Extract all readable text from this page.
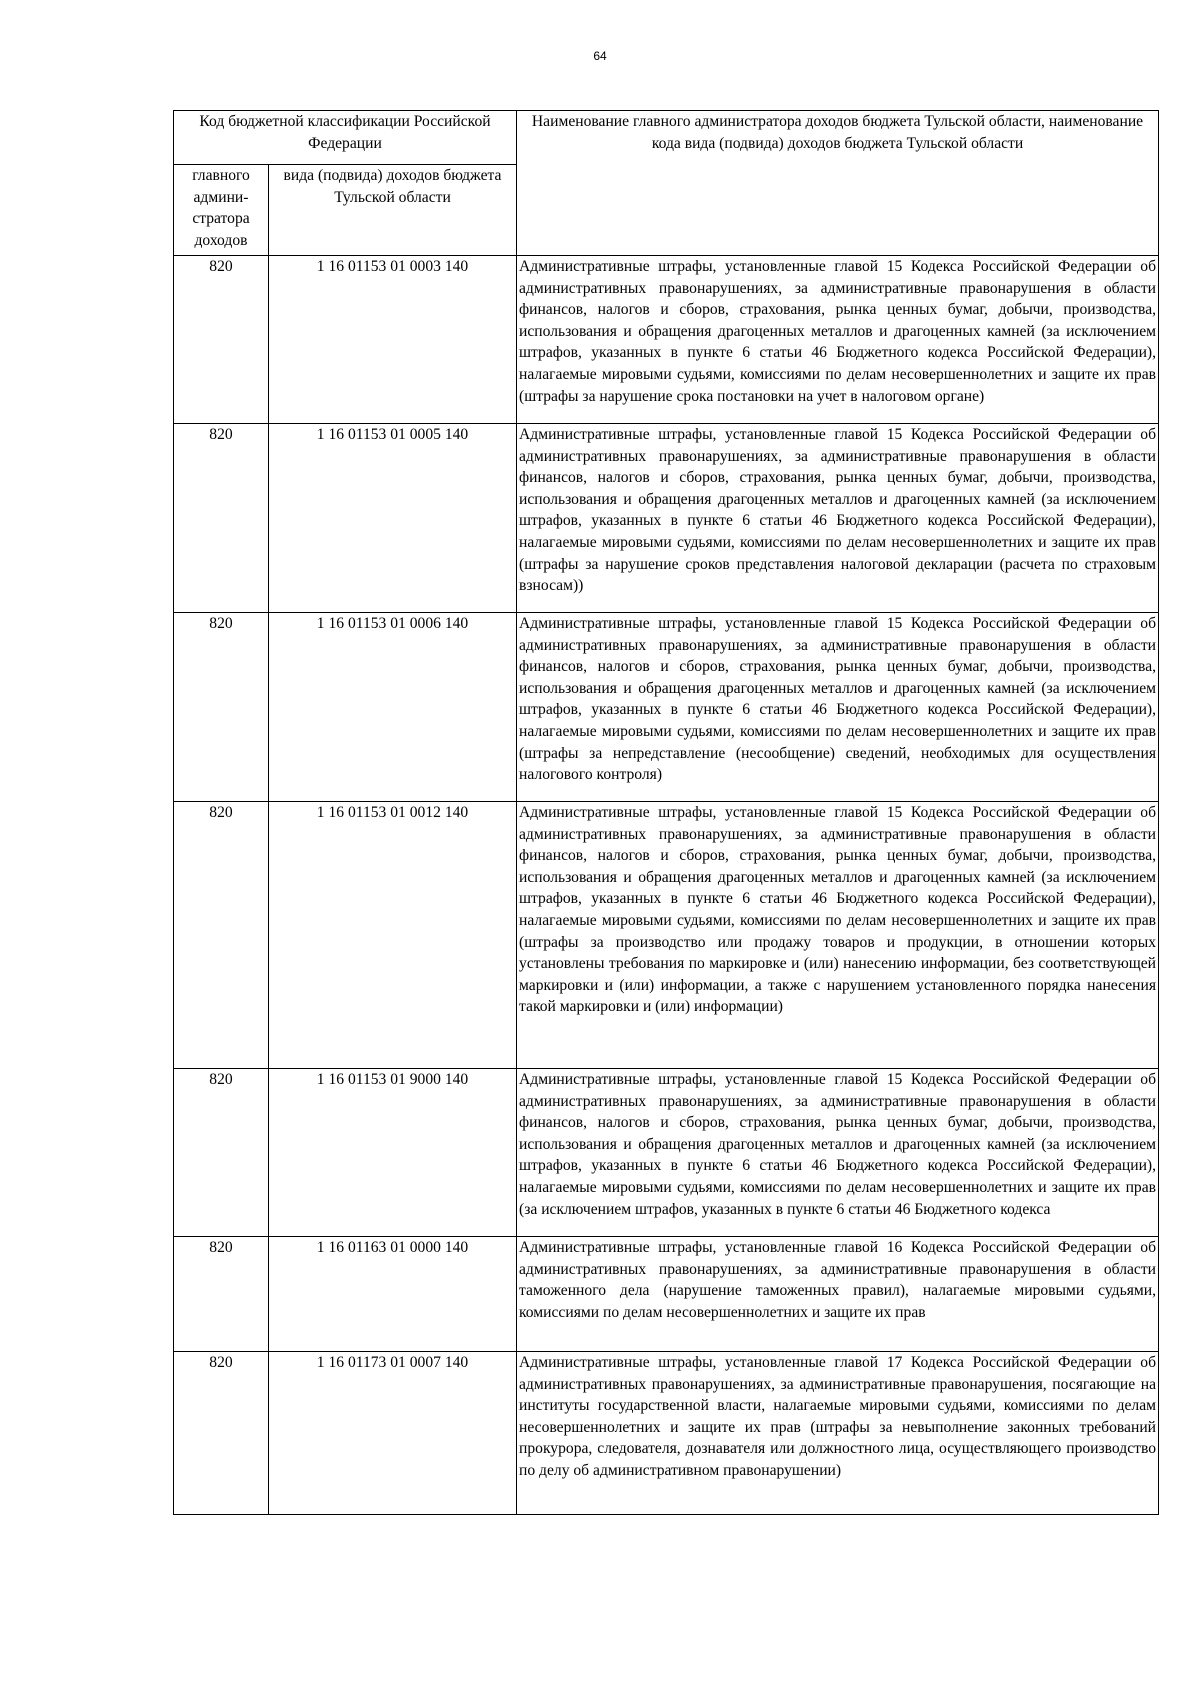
64
Код бюджетной классификации Российской Федерации		Наименование главного администратора доходов бюджета Тульской области, наименование кода вида (подвида) доходов бюджета Тульской области
главного админи-стратора доходов	вида (подвида) доходов бюджета Тульской области	
820	1 16 01153 01 0003 140	Административные штрафы, установленные главой 15 Кодекса Российской Федерации об административных правонарушениях, за административные правонарушения в области финансов, налогов и сборов, страхования, рынка ценных бумаг, добычи, производства, использования и обращения драгоценных металлов и драгоценных камней (за исключением штрафов, указанных в пункте 6 статьи 46 Бюджетного кодекса Российской Федерации), налагаемые мировыми судьями, комиссиями по делам несовершеннолетних и защите их прав (штрафы за нарушение срока постановки на учет в налоговом органе)

820	1 16 01153 01 0005 140	Административные штрафы, установленные главой 15 Кодекса Российской Федерации об административных правонарушениях, за административные правонарушения в области финансов, налогов и сборов, страхования, рынка ценных бумаг, добычи, производства, использования и обращения драгоценных металлов и драгоценных камней (за исключением штрафов, указанных в пункте 6 статьи 46 Бюджетного кодекса Российской Федерации), налагаемые мировыми судьями, комиссиями по делам несовершеннолетних и защите их прав (штрафы за нарушение сроков представления налоговой декларации (расчета по страховым взносам))

820	1 16 01153 01 0006 140	Административные штрафы, установленные главой 15 Кодекса Российской Федерации об административных правонарушениях, за административные правонарушения в области финансов, налогов и сборов, страхования, рынка ценных бумаг, добычи, производства, использования и обращения драгоценных металлов и драгоценных камней (за исключением штрафов, указанных в пункте 6 статьи 46 Бюджетного кодекса Российской Федерации), налагаемые мировыми судьями, комиссиями по делам несовершеннолетних и защите их прав (штрафы за непредставление (несообщение) сведений, необходимых для осуществления налогового контроля)

820	1 16 01153 01 0012 140	Административные штрафы, установленные главой 15 Кодекса Российской Федерации об административных правонарушениях, за административные правонарушения в области финансов, налогов и сборов, страхования, рынка ценных бумаг, добычи, производства, использования и обращения драгоценных металлов и драгоценных камней (за исключением штрафов, указанных в пункте 6 статьи 46 Бюджетного кодекса Российской Федерации), налагаемые мировыми судьями, комиссиями по делам несовершеннолетних и защите их прав (штрафы за производство или продажу товаров и продукции, в отношении которых установлены требования по маркировке и (или) нанесению информации, без соответствующей маркировки и (или) информации, а также с нарушением установленного порядка нанесения такой маркировки и (или) информации)

820	1 16 01153 01 9000 140	Административные штрафы, установленные главой 15 Кодекса Российской Федерации об административных правонарушениях, за административные правонарушения в области финансов, налогов и сборов, страхования, рынка ценных бумаг, добычи, производства, использования и обращения драгоценных металлов и драгоценных камней (за исключением штрафов, указанных в пункте 6 статьи 46 Бюджетного кодекса Российской Федерации), налагаемые мировыми судьями, комиссиями по делам несовершеннолетних и защите их прав (за исключением штрафов, указанных в пункте 6 статьи 46 Бюджетного кодекса

820	1 16 01163 01 0000 140	Административные штрафы, установленные главой 16 Кодекса Российской Федерации об административных правонарушениях, за административные правонарушения в области таможенного дела (нарушение таможенных правил), налагаемые мировыми судьями, комиссиями по делам несовершеннолетних и защите их прав

820	1 16 01173 01 0007 140	Административные штрафы, установленные главой 17 Кодекса Российской Федерации об административных правонарушениях, за административные правонарушения, посягающие на институты государственной власти, налагаемые мировыми судьями, комиссиями по делам несовершеннолетних и защите их прав (штрафы за невыполнение законных требований прокурора, следователя, дознавателя или должностного лица, осуществляющего производство по делу об административном правонарушении)
